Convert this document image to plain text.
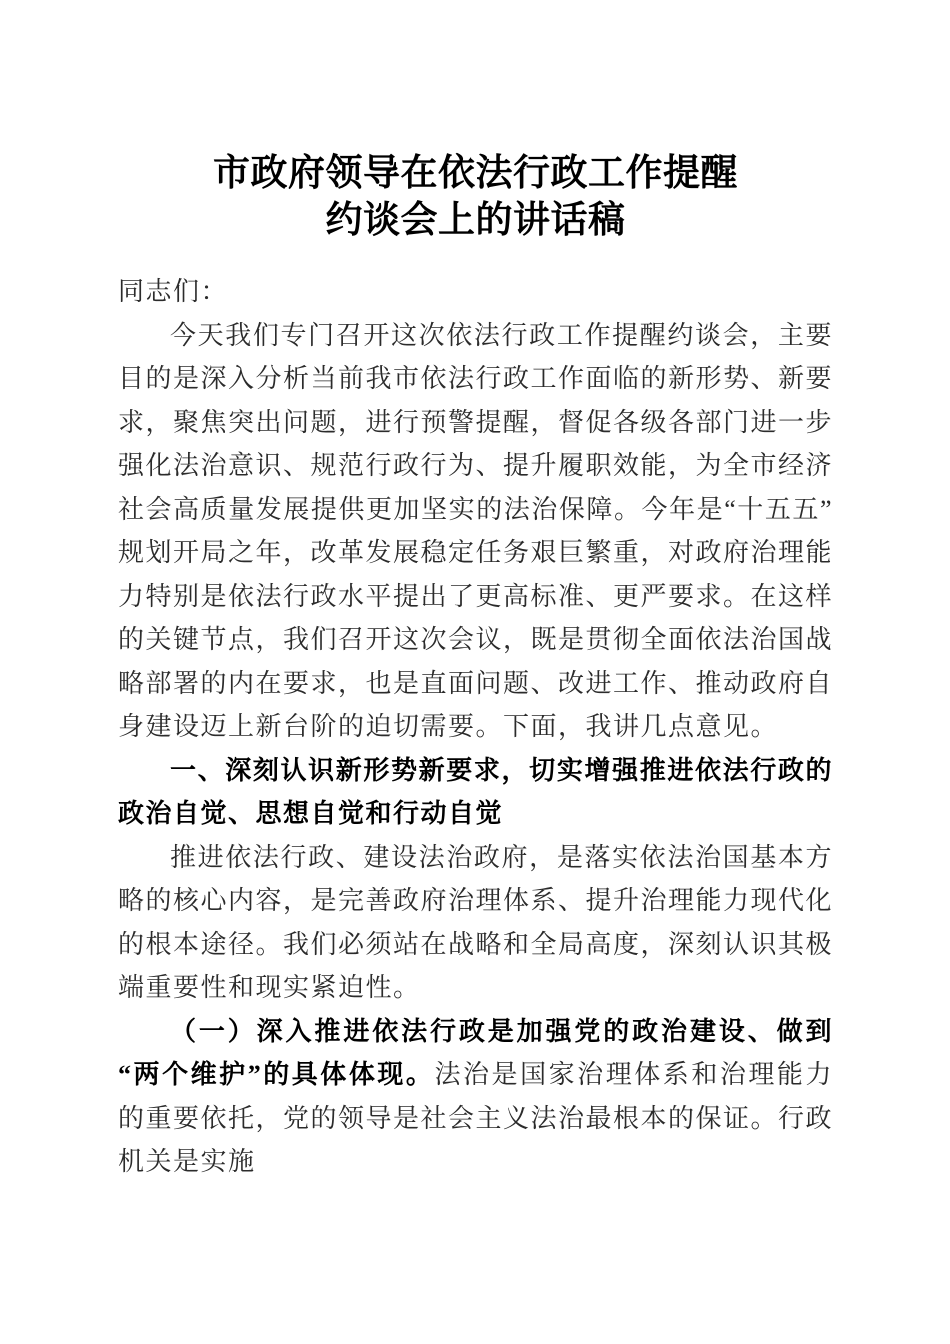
市政府领导在依法行政工作提醒
约谈会上的讲话稿

同志们：

今天我们专门召开这次依法行政工作提醒约谈会，主要目的是深入分析当前我市依法行政工作面临的新形势、新要求，聚焦突出问题，进行预警提醒，督促各级各部门进一步强化法治意识、规范行政行为、提升履职效能，为全市经济社会高质量发展提供更加坚实的法治保障。今年是“十五五”规划开局之年，改革发展稳定任务艰巨繁重，对政府治理能力特别是依法行政水平提出了更高标准、更严要求。在这样的关键节点，我们召开这次会议，既是贯彻全面依法治国战略部署的内在要求，也是直面问题、改进工作、推动政府自身建设迈上新台阶的迫切需要。下面，我讲几点意见。

一、深刻认识新形势新要求，切实增强推进依法行政的政治自觉、思想自觉和行动自觉

推进依法行政、建设法治政府，是落实依法治国基本方略的核心内容，是完善政府治理体系、提升治理能力现代化的根本途径。我们必须站在战略和全局高度，深刻认识其极端重要性和现实紧迫性。

（一）深入推进依法行政是加强党的政治建设、做到“两个维护”的具体体现。法治是国家治理体系和治理能力的重要依托，党的领导是社会主义法治最根本的保证。行政机关是实施
